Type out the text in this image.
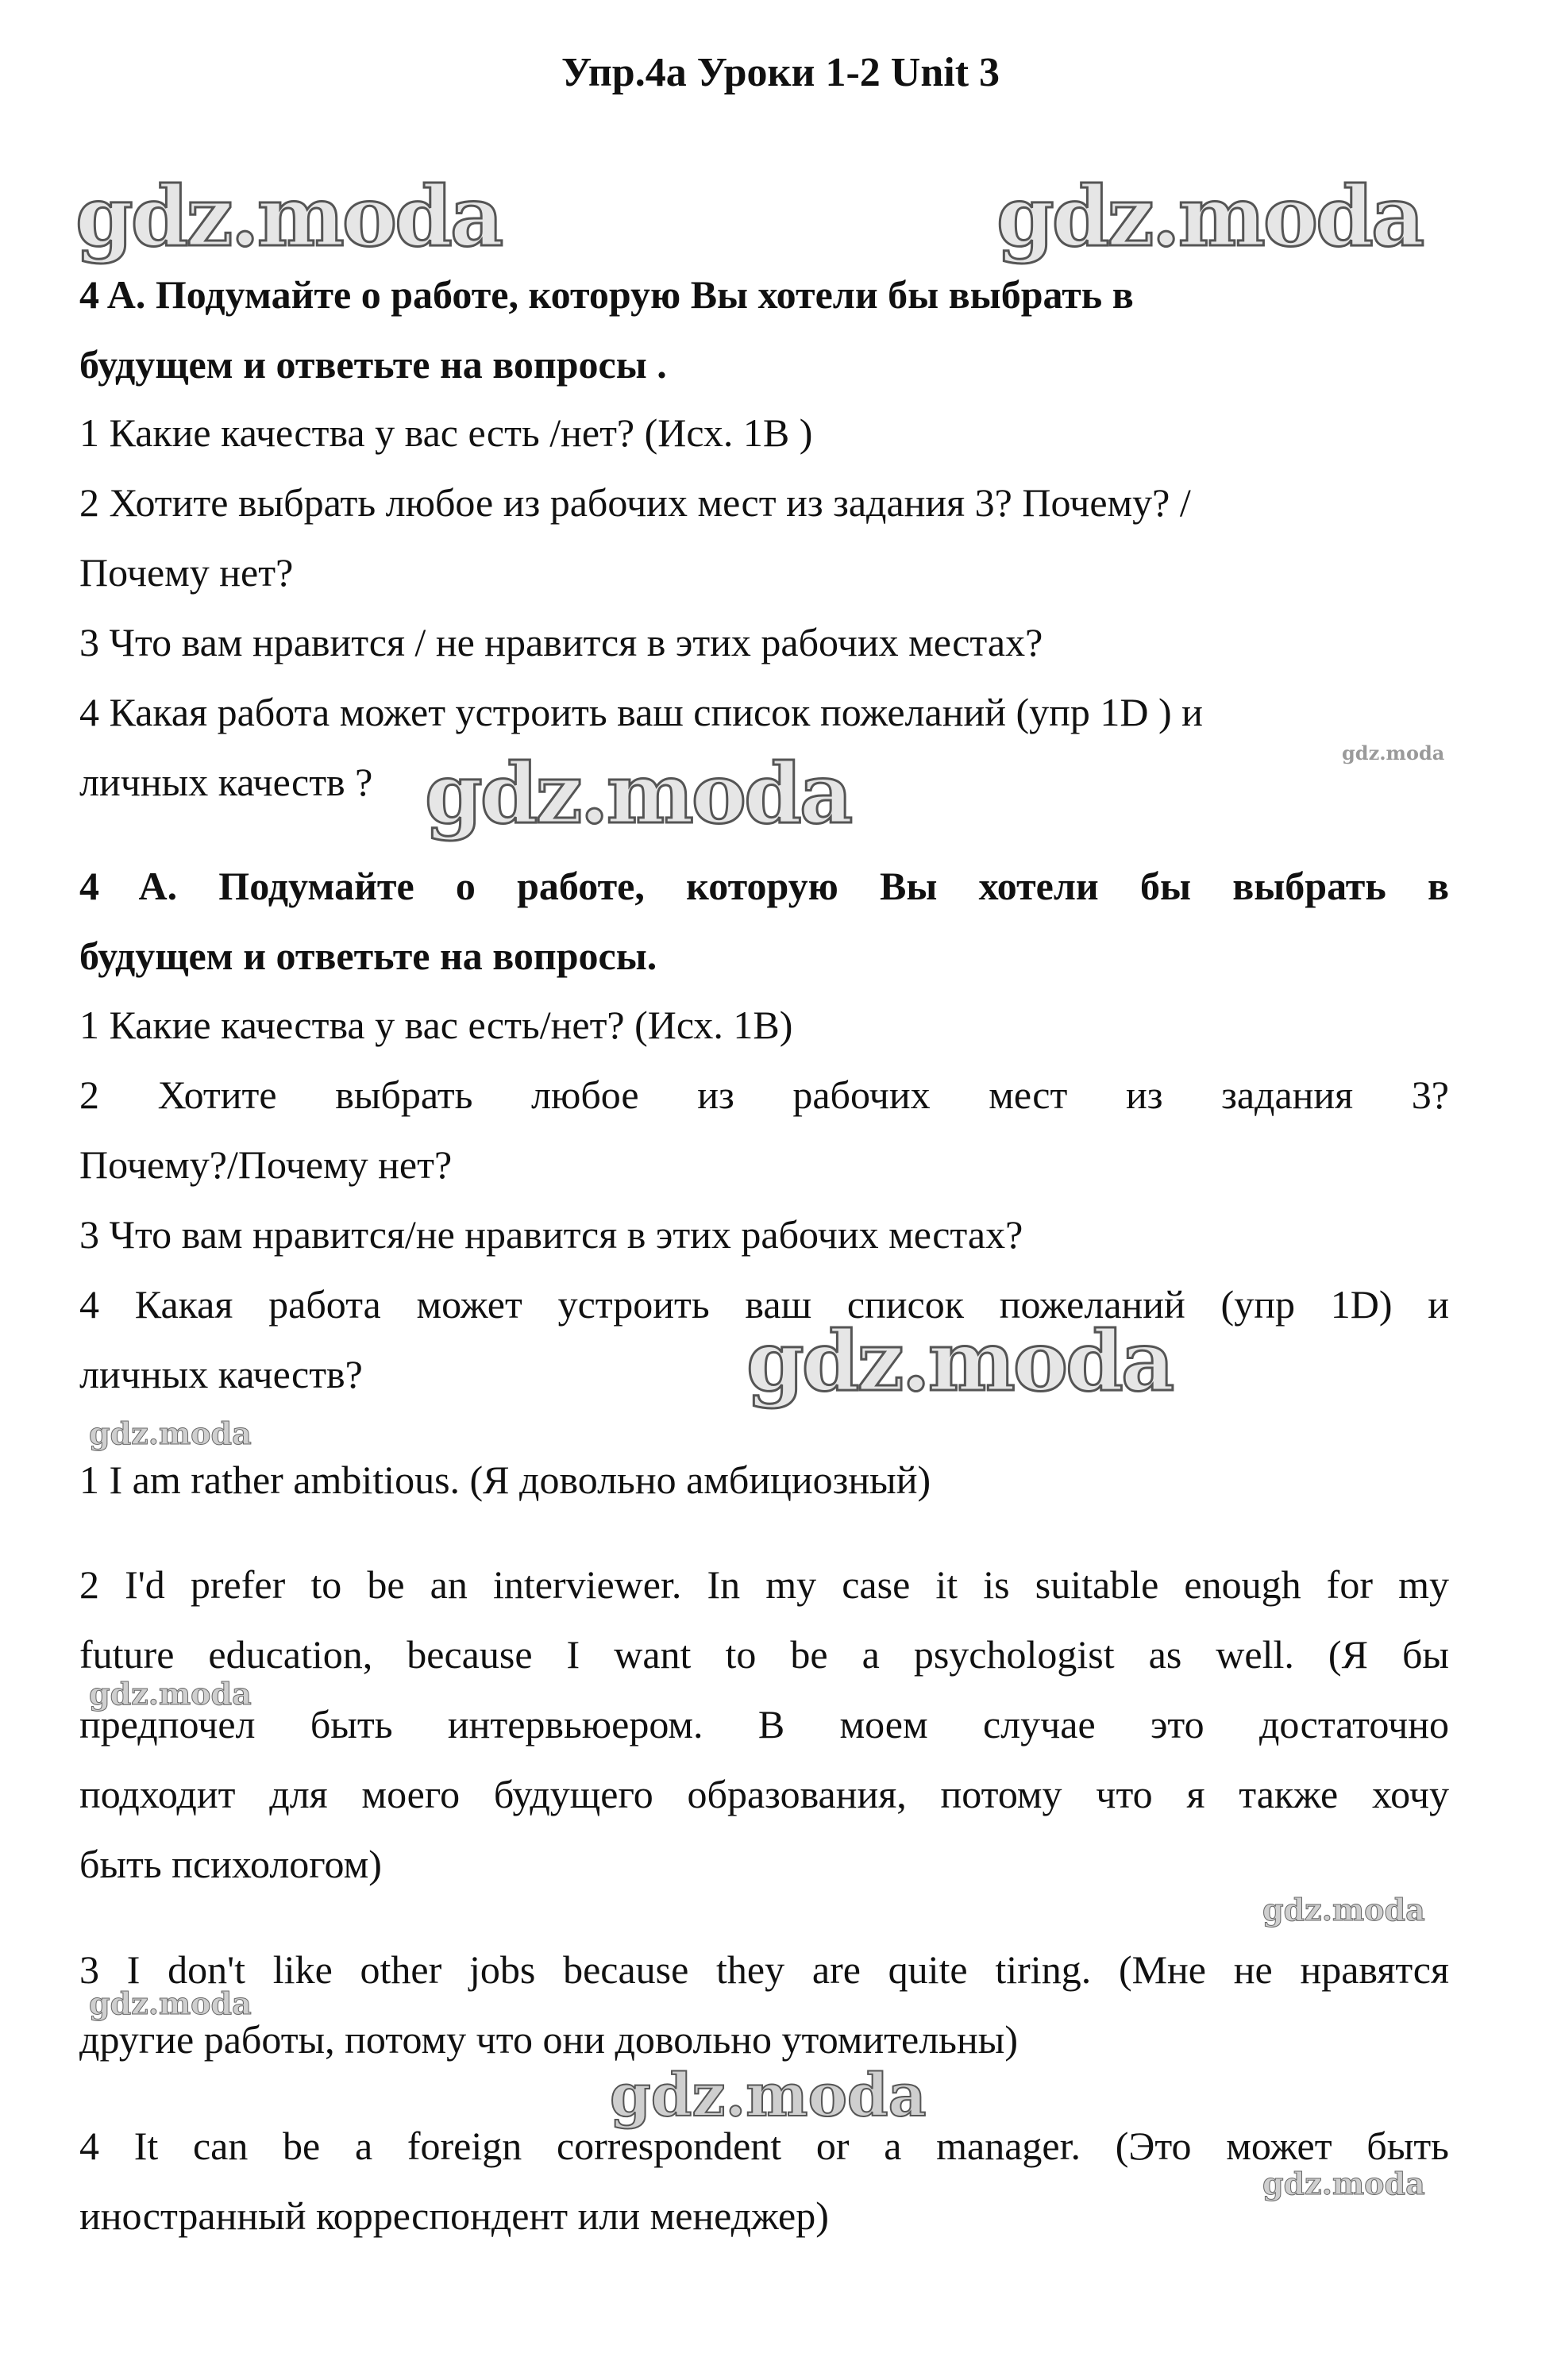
Упр.4a Уроки 1-2 Unit 3
gdz.moda	gdz.moda
gdz.moda
gdz.moda
gdz.moda
gdz.moda
gdz.moda
gdz.moda
gdz.moda
gdz.moda
gdz.moda
4 A. Подумайте о работе, которую Вы хотели бы выбрать в
будущем и ответьте на вопросы .
1 Какие качества у вас есть /нет? (Исх. 1В )
2 Хотите выбрать любое из рабочих мест из задания 3? Почему? /
Почему нет?
3 Что вам нравится / не нравится в этих рабочих местах?
4 Какая работа может устроить ваш список пожеланий (упр 1D ) и
личных качеств ?
4 A. Подумайте о работе, которую Вы хотели бы выбрать в
будущем и ответьте на вопросы.
1 Какие качества у вас есть/нет? (Исх. 1В)
2 Хотите выбрать любое из рабочих мест из задания 3?
Почему?/Почему нет?
3 Что вам нравится/не нравится в этих рабочих местах?
4 Какая работа может устроить ваш список пожеланий (упр 1D) и
личных качеств?
1 I am rather ambitious. (Я довольно амбициозный)
2 I'd prefer to be an interviewer. In my case it is suitable enough for my
future education, because I want to be a psychologist as well. (Я бы
предпочел быть интервьюером. В моем случае это достаточно
подходит для моего будущего образования, потому что я также хочу
быть психологом)
3 I don't like other jobs because they are quite tiring. (Мне не нравятся
другие работы, потому что они довольно утомительны)
4 It can be a foreign correspondent or a manager. (Это может быть
иностранный корреспондент или менеджер)
